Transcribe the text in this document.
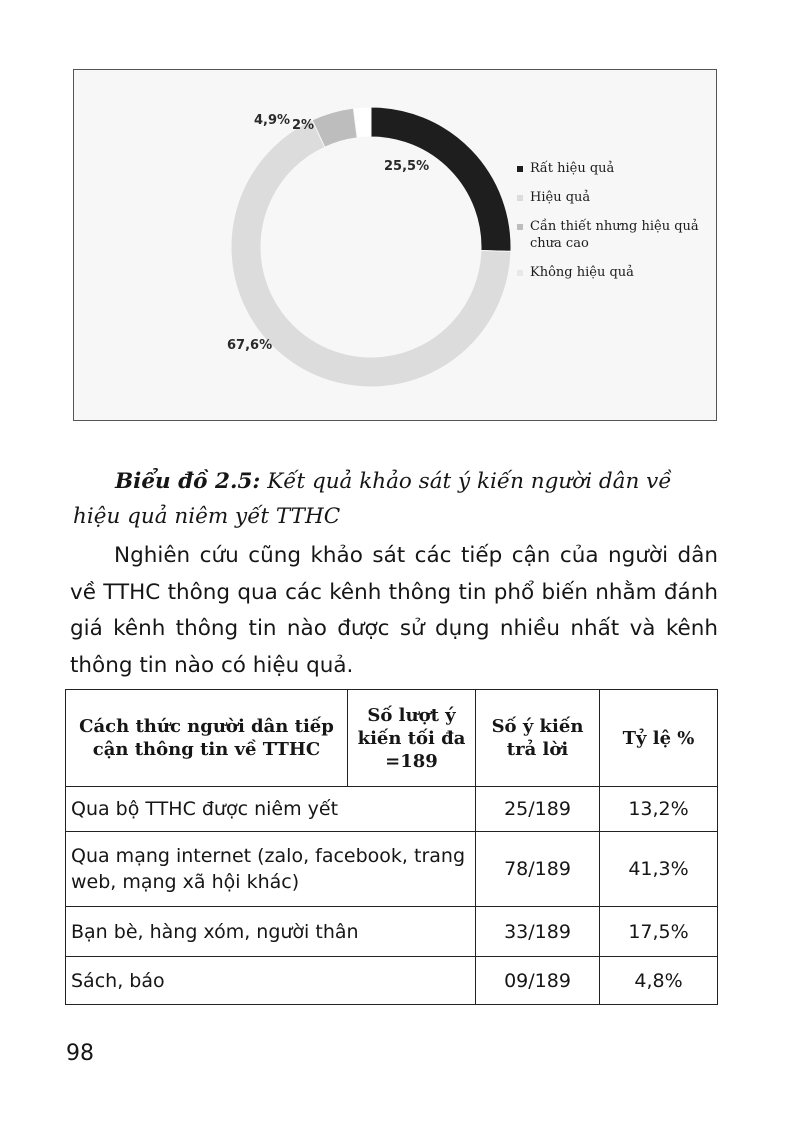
25,5%
67,6%
4,9% 2%
Rất hiệu quả
Hiệu quả
Cần thiết nhưng hiệu quả chưa cao
Không hiệu quả
Biểu đồ 2.5: Kết quả khảo sát ý kiến người dân về hiệu quả niêm yết TTHC
Nghiên cứu cũng khảo sát các tiếp cận của người dân về TTHC thông qua các kênh thông tin phổ biến nhằm đánh giá kênh thông tin nào được sử dụng nhiều nhất và kênh thông tin nào có hiệu quả.
Cách thức người dân tiếp cận thông tin về TTHC	Số lượt ý kiến tối đa =189	Số ý kiến trả lời	Tỷ lệ %
Qua bộ TTHC được niêm yết		25/189	13,2%
Qua mạng internet (zalo, facebook, trang web, mạng xã hội khác)		78/189	41,3%
Bạn bè, hàng xóm, người thân		33/189	17,5%
Sách, báo		09/189	4,8%
98
